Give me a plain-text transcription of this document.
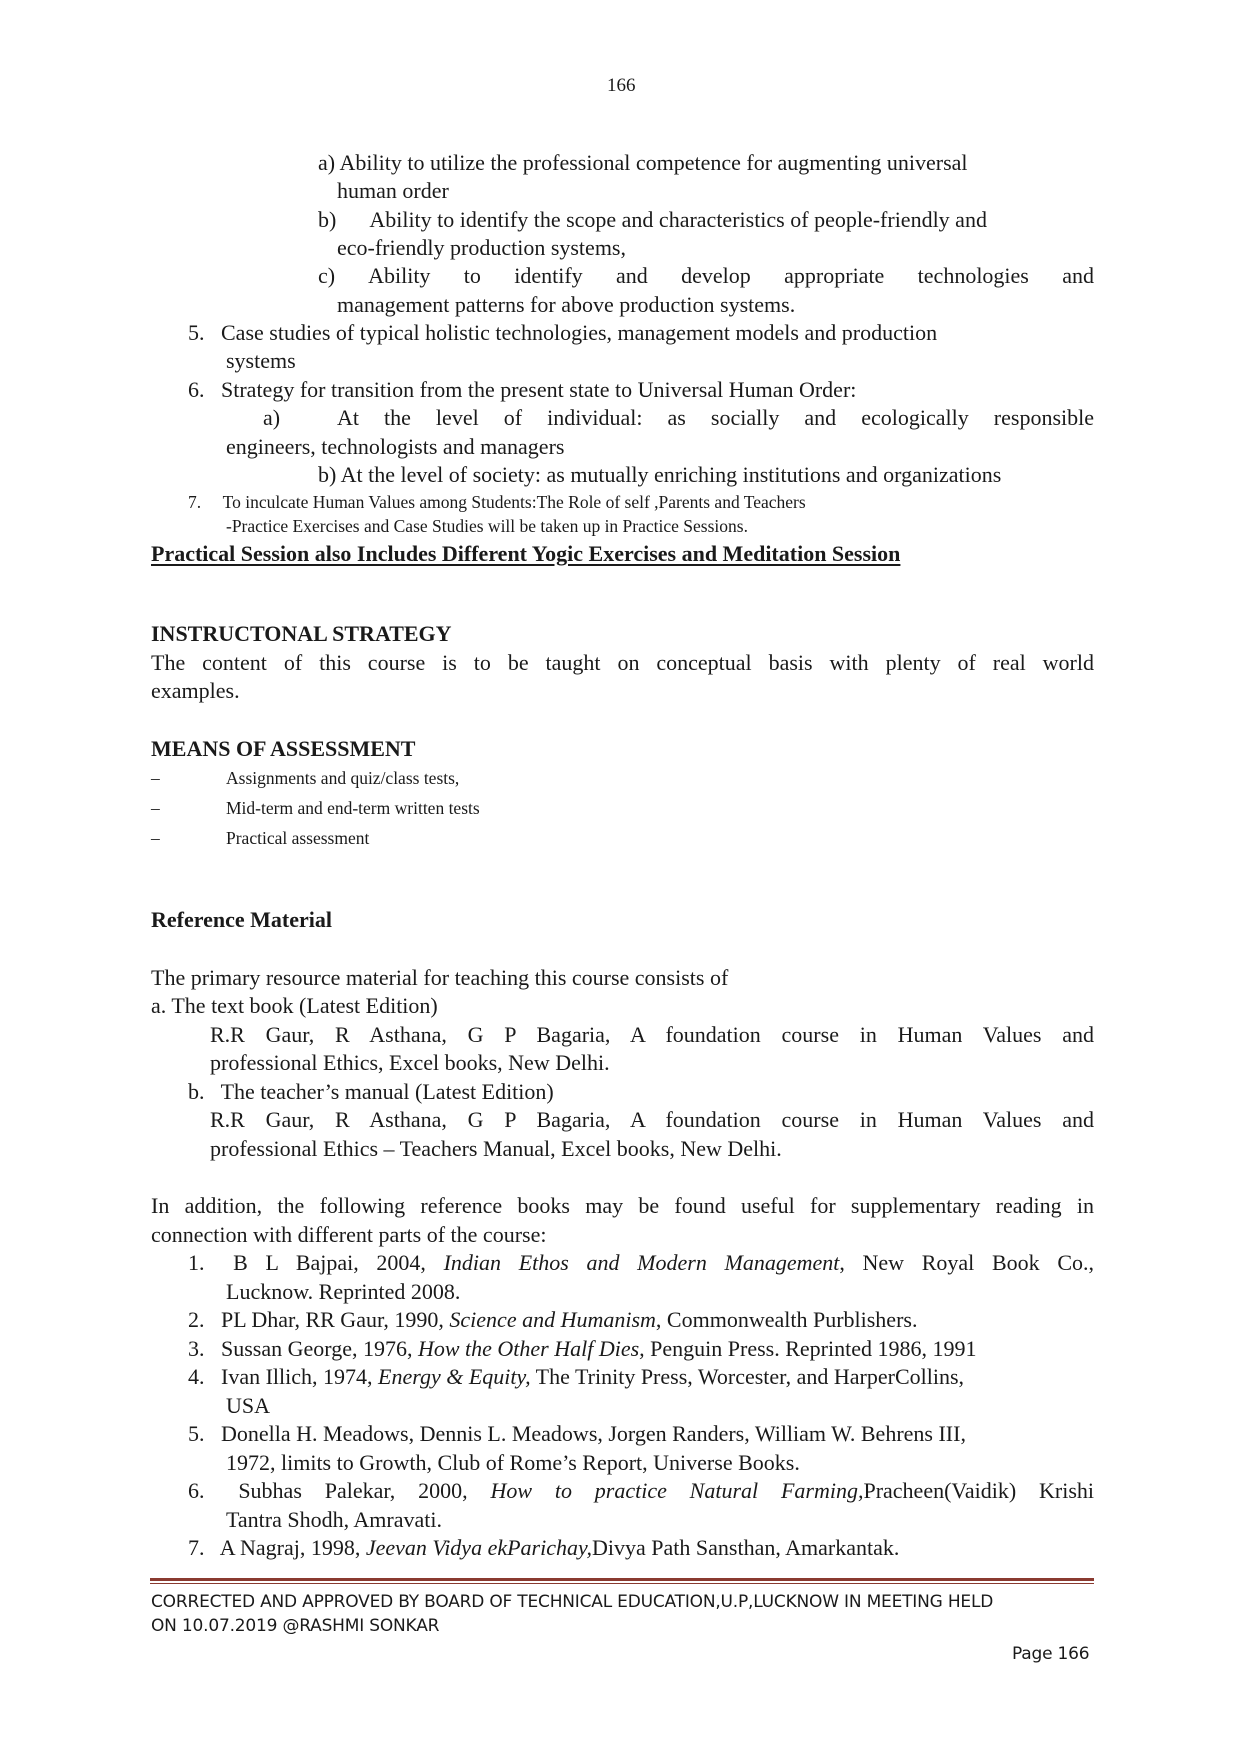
166
a) Ability to utilize the professional competence for augmenting universal
human order
b)  Ability to identify the scope and characteristics of people-friendly and
eco-friendly production systems,
c)  Ability to identify and develop appropriate technologies and
management patterns for above production systems.
5.  Case studies of typical holistic technologies, management models and production
systems
6.  Strategy for transition from the present state to Universal Human Order:
a)   At the level of individual: as socially and ecologically responsible
engineers, technologists and managers
b) At the level of society: as mutually enriching institutions and organizations
7.  To inculcate Human Values among Students:The Role of self ,Parents and Teachers
-Practice Exercises and Case Studies will be taken up in Practice Sessions.
Practical Session also Includes Different Yogic Exercises and Meditation Session
INSTRUCTONAL STRATEGY
The content of this course is to be taught on conceptual basis with plenty of real world
examples.
MEANS OF ASSESSMENT
–	Assignments and quiz/class tests,
–	Mid-term and end-term written tests
–	Practical assessment
Reference Material
The primary resource material for teaching this course consists of
a. The text book (Latest Edition)
R.R Gaur, R Asthana, G P Bagaria, A foundation course in Human Values and
professional Ethics, Excel books, New Delhi.
b.  The teacher’s manual (Latest Edition)
R.R Gaur, R Asthana, G P Bagaria, A foundation course in Human Values and
professional Ethics – Teachers Manual, Excel books, New Delhi.
In addition, the following reference books may be found useful for supplementary reading in
connection with different parts of the course:
1.  B L Bajpai, 2004, Indian Ethos and Modern Management, New Royal Book Co.,
Lucknow. Reprinted 2008.
2.  PL Dhar, RR Gaur, 1990, Science and Humanism, Commonwealth Purblishers.
3.  Sussan George, 1976, How the Other Half Dies, Penguin Press. Reprinted 1986, 1991
4.  Ivan Illich, 1974, Energy & Equity, The Trinity Press, Worcester, and HarperCollins,
USA
5.  Donella H. Meadows, Dennis L. Meadows, Jorgen Randers, William W. Behrens III,
1972, limits to Growth, Club of Rome’s Report, Universe Books.
6.  Subhas Palekar, 2000, How to practice Natural Farming,Pracheen(Vaidik) Krishi
Tantra Shodh, Amravati.
7.  A Nagraj, 1998, Jeevan Vidya ekParichay,Divya Path Sansthan, Amarkantak.
CORRECTED AND APPROVED BY BOARD OF TECHNICAL EDUCATION,U.P,LUCKNOW IN MEETING HELD
ON 10.07.2019 @RASHMI SONKAR
Page 166
